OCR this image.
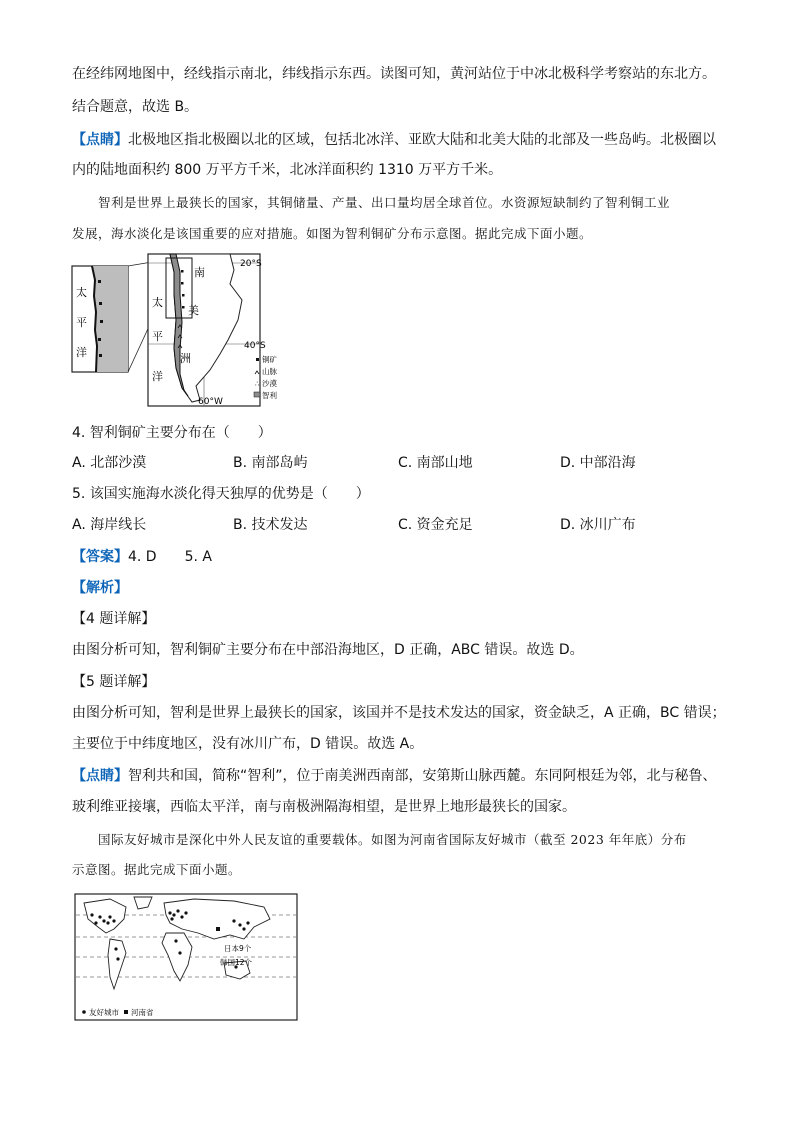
在经纬网地图中，经线指示南北，纬线指示东西。读图可知，黄河站位于中冰北极科学考察站的东北方。
结合题意，故选 B。
【点睛】北极地区指北极圈以北的区域，包括北冰洋、亚欧大陆和北美大陆的北部及一些岛屿。北极圈以
内的陆地面积约 800 万平方千米，北冰洋面积约 1310 万平方千米。
智利是世界上最狭长的国家，其铜储量、产量、出口量均居全球首位。水资源短缺制约了智利铜工业
发展，海水淡化是该国重要的应对措施。如图为智利铜矿分布示意图。据此完成下面小题。
太
平
洋
南
美
洲
太
平
洋
20°S
40°S
60°W
铜矿
山脉
∴ 沙漠
智利
4. 智利铜矿主要分布在（　　）
A. 北部沙漠	B. 南部岛屿	C. 南部山地	D. 中部沿海
5. 该国实施海水淡化得天独厚的优势是（　　）
A. 海岸线长	B. 技术发达	C. 资金充足	D. 冰川广布
【答案】4. D　　5. A
【解析】
【4 题详解】
由图分析可知，智利铜矿主要分布在中部沿海地区，D 正确，ABC 错误。故选 D。
【5 题详解】
由图分析可知，智利是世界上最狭长的国家，该国并不是技术发达的国家，资金缺乏，A 正确，BC 错误；
主要位于中纬度地区，没有冰川广布，D 错误。故选 A。
【点睛】智利共和国，简称“智利”，位于南美洲西南部，安第斯山脉西麓。东同阿根廷为邻，北与秘鲁、
玻利维亚接壤，西临太平洋，南与南极洲隔海相望，是世界上地形最狭长的国家。
国际友好城市是深化中外人民友谊的重要载体。如图为河南省国际友好城市（截至 2023 年年底）分布
示意图。据此完成下面小题。
日本9个
韩国12个
友好城市 河南省
